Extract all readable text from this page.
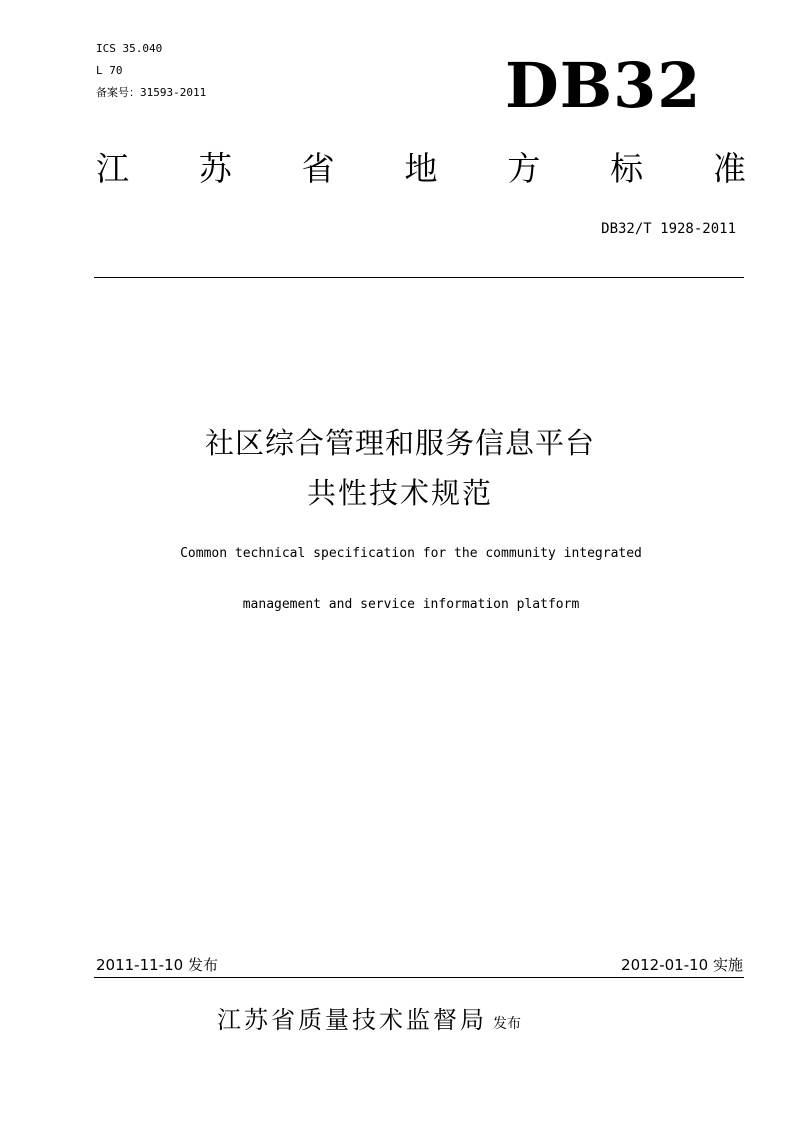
ICS 35.040
L 70
备案号：31593-2011	DB32
江 苏 省 地 方 标 准
DB32/T 1928-2011
社区综合管理和服务信息平台
共性技术规范
Common technical specification for the community integrated
management and service information platform
2011-11-10 发布	2012-01-10 实施
江苏省质量技术监督局 发布
